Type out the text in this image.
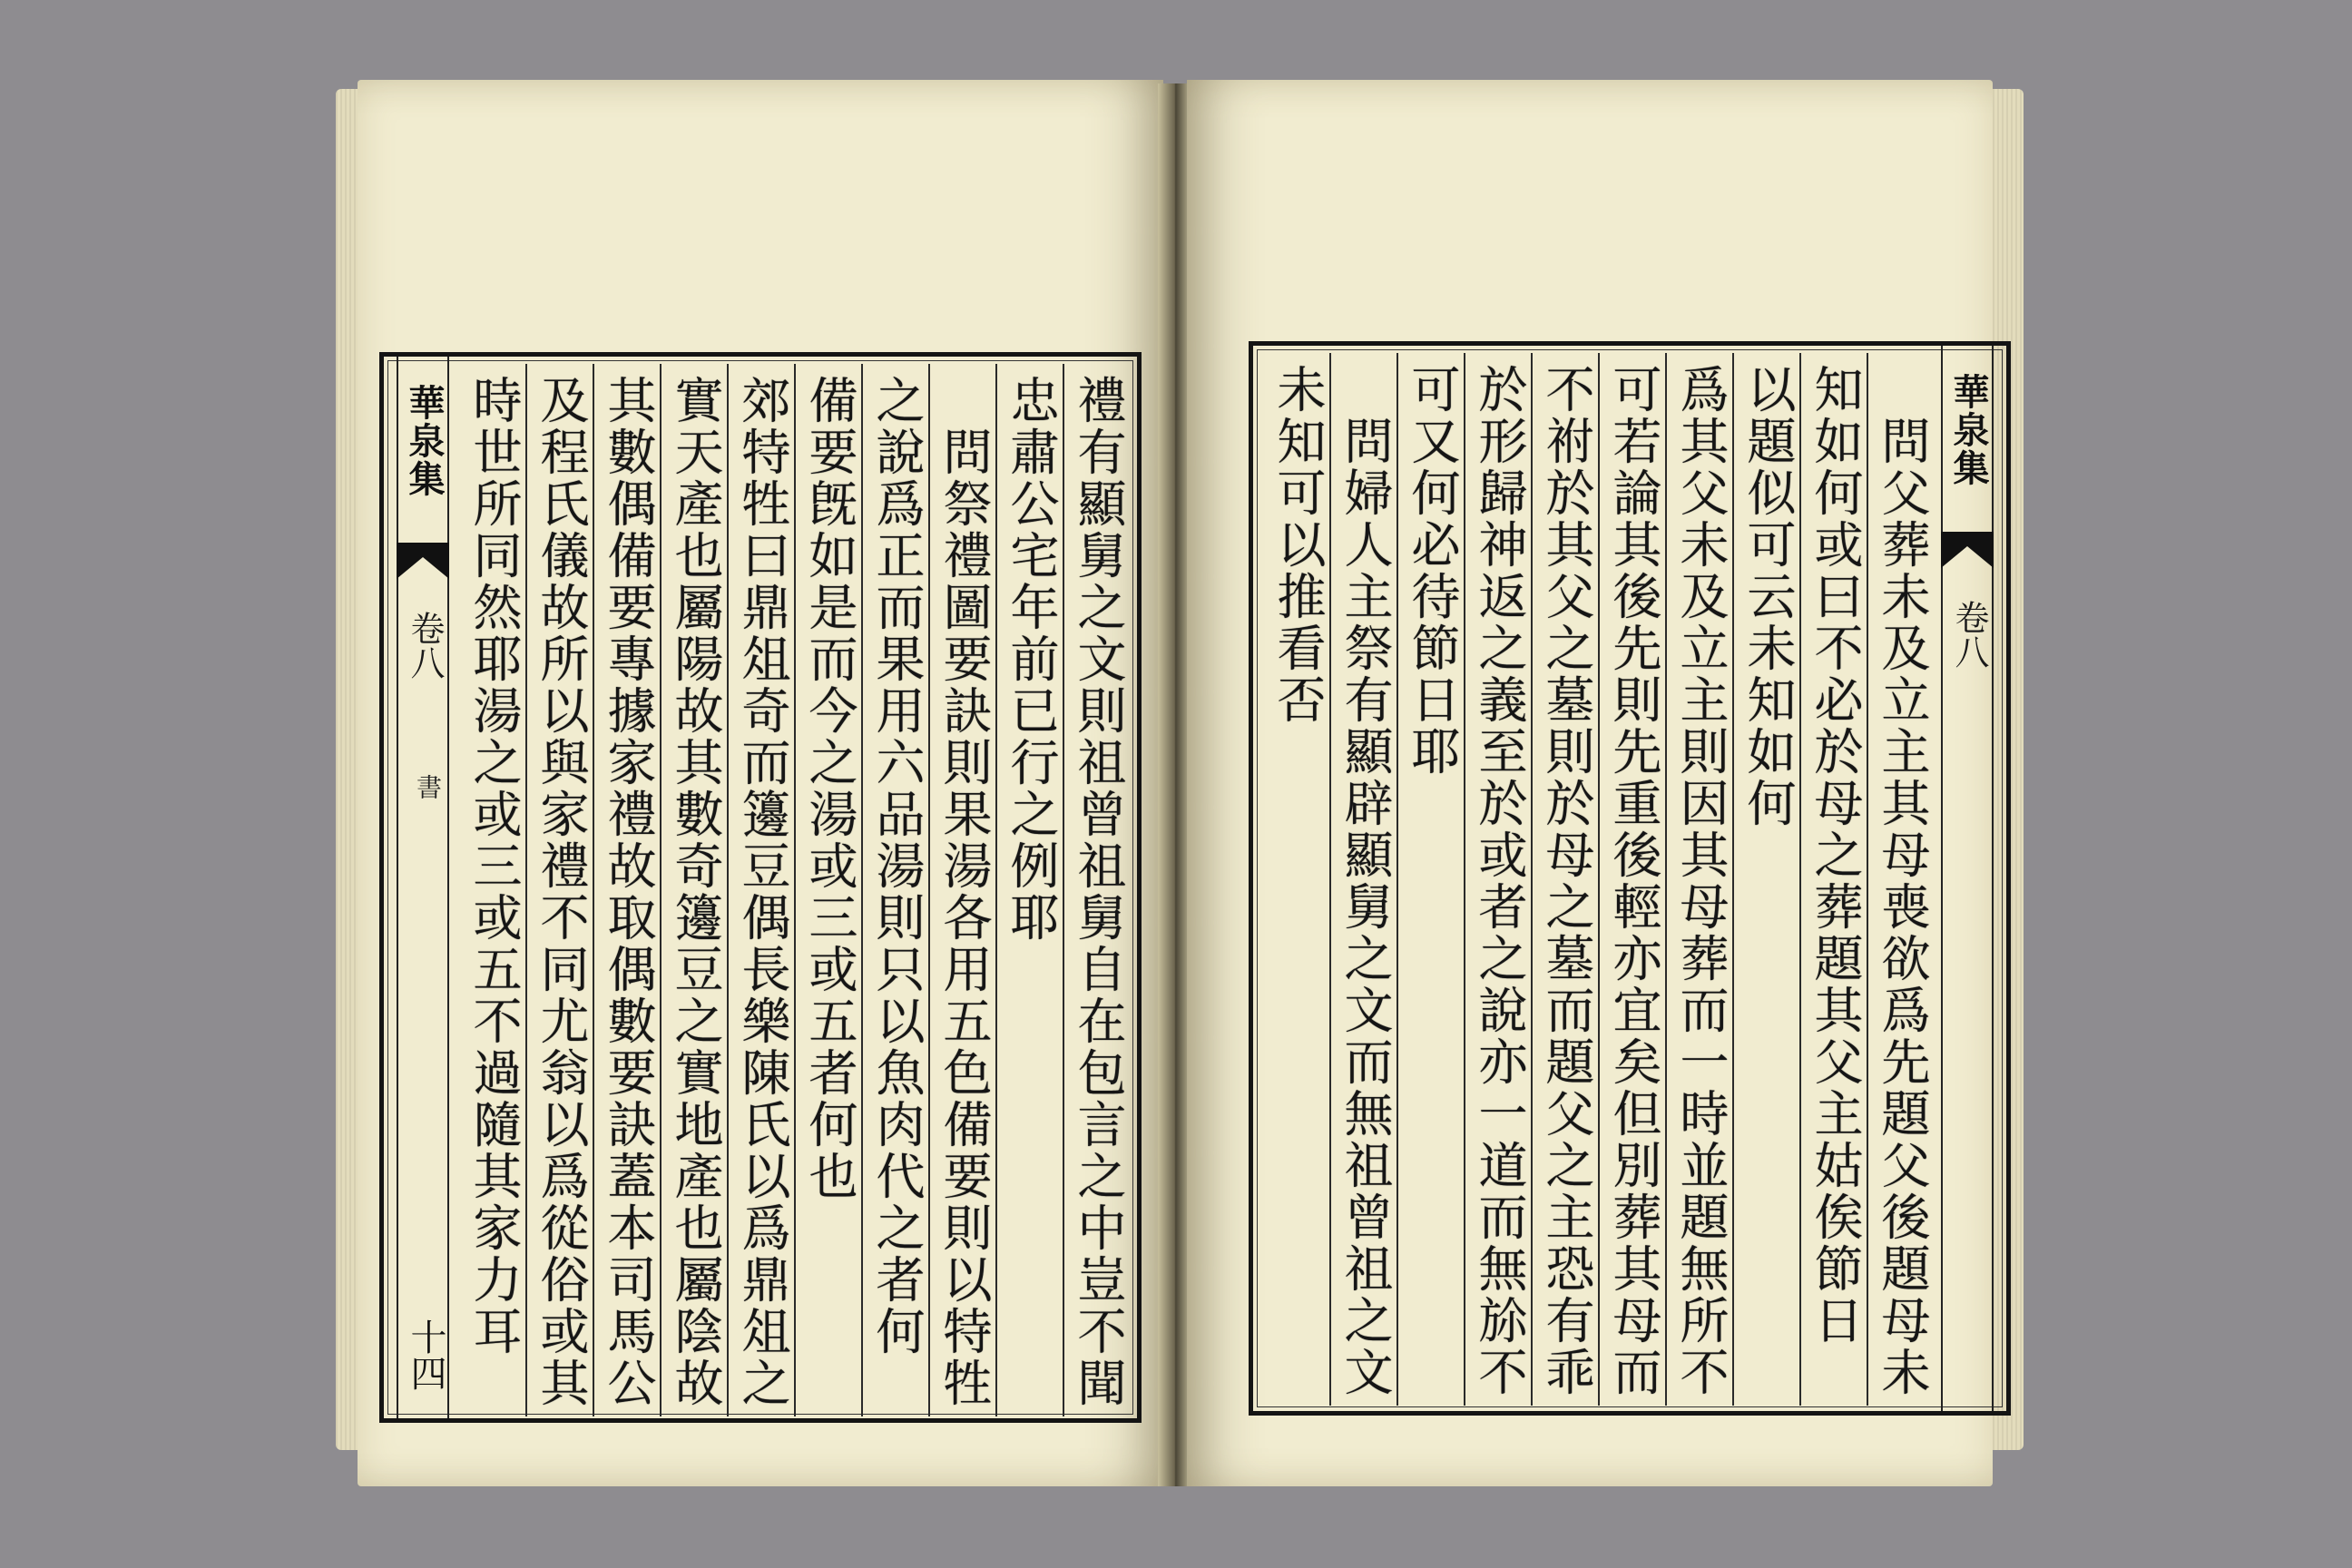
禮有顯舅之文則祖曾祖舅自在包言之中豈不聞
忠肅公宅年前已行之例耶
　問祭禮圖要訣則果湯各用五色備要則以特牲
之說爲正而果用六品湯則只以魚肉代之者何
備要旣如是而今之湯或三或五者何也
郊特牲曰鼎俎奇而籩豆偶長樂陳氏以爲鼎俎之
實天產也屬陽故其數奇籩豆之實地產也屬陰故
其數偶備要專據家禮故取偶數要訣蓋本司馬公
及程氏儀故所以與家禮不同尤翁以爲從俗或其
時世所同然耶湯之或三或五不過隨其家力耳
華泉集
卷八
書
十四
華泉集
卷八
　問父葬未及立主其母喪欲爲先題父後題母未
知如何或曰不必於母之葬題其父主姑俟節日
以題似可云未知如何
爲其父未及立主則因其母葬而一時並題無所不
可若論其後先則先重後輕亦宜矣但別葬其母而
不祔於其父之墓則於母之墓而題父之主恐有乖
於形歸神返之義至於或者之說亦一道而無㫆不
可又何必待節日耶
　問婦人主祭有顯辟顯舅之文而無祖曾祖之文
未知可以推看否
